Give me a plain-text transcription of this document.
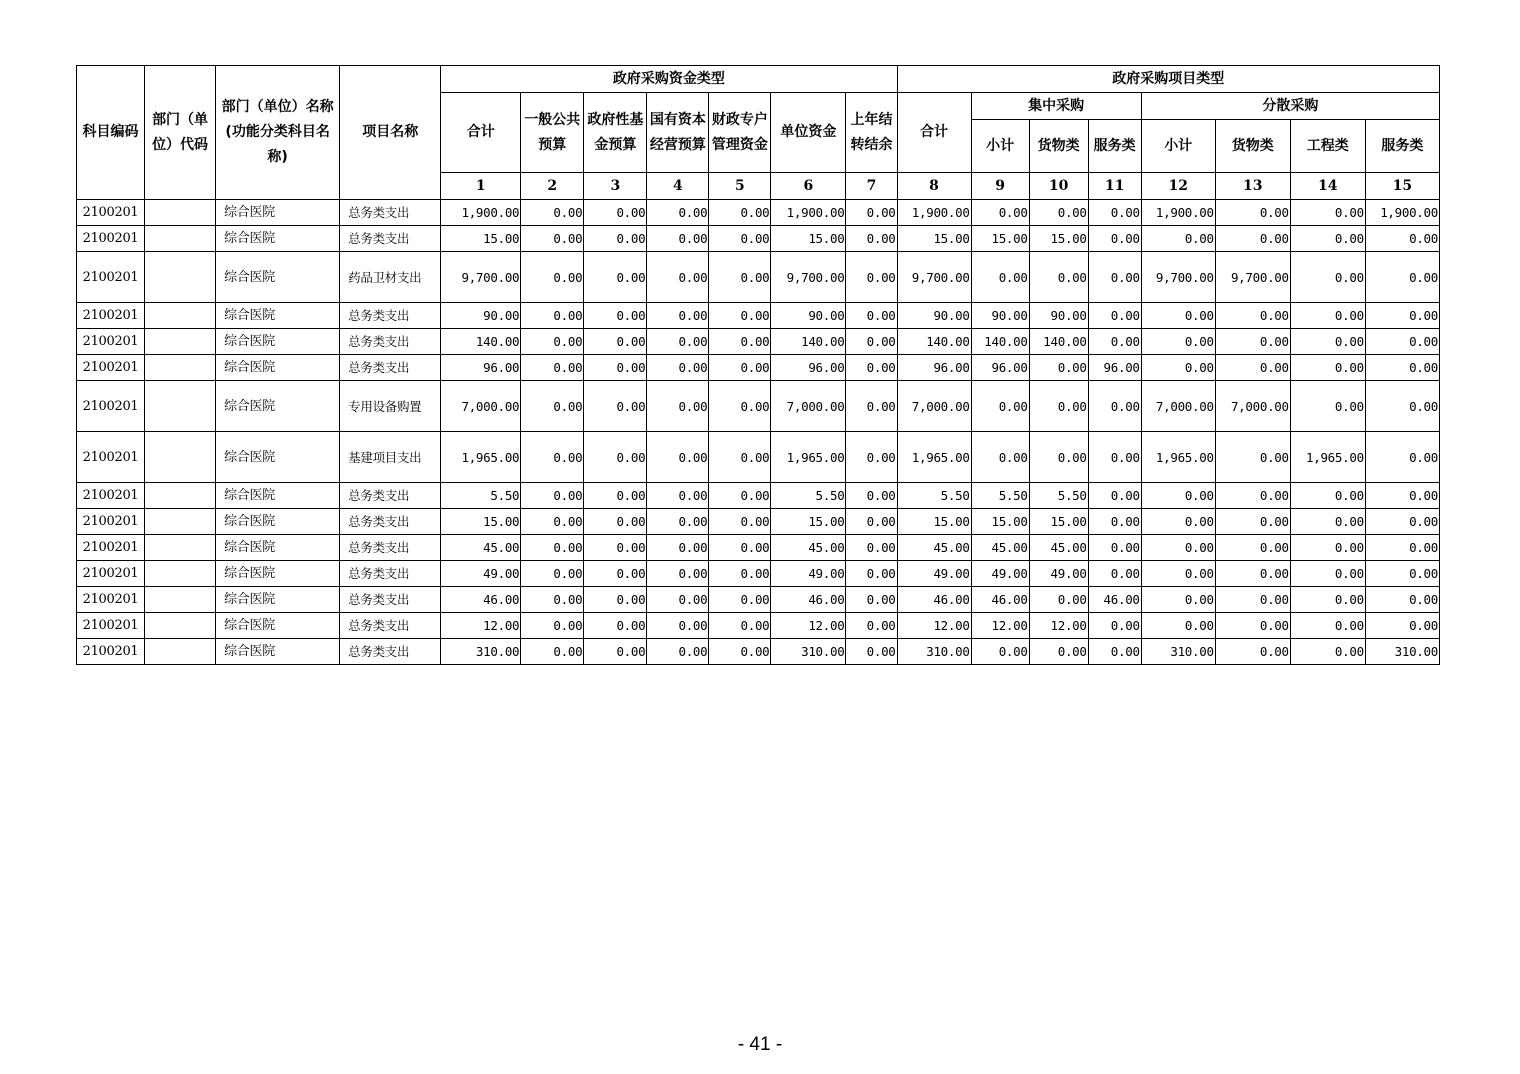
科目编码	部门（单位）代码	部门（单位）名称(功能分类科目名称)	项目名称	政府采购资金类型							政府采购项目类型							
				合计	一般公共预算	政府性基金预算	国有资本经营预算	财政专户管理资金	单位资金	上年结转结余	合计	集中采购			分散采购			
												小计	货物类	服务类	小计	货物类	工程类	服务类
				1	2	3	4	5	6	7	8	9	10	11	12	13	14	15
2100201		综合医院	总务类支出	1,900.00	0.00	0.00	0.00	0.00	1,900.00	0.00	1,900.00	0.00	0.00	0.00	1,900.00	0.00	0.00	1,900.00
2100201		综合医院	总务类支出	15.00	0.00	0.00	0.00	0.00	15.00	0.00	15.00	15.00	15.00	0.00	0.00	0.00	0.00	0.00
2100201		综合医院	药品卫材支出	9,700.00	0.00	0.00	0.00	0.00	9,700.00	0.00	9,700.00	0.00	0.00	0.00	9,700.00	9,700.00	0.00	0.00
2100201		综合医院	总务类支出	90.00	0.00	0.00	0.00	0.00	90.00	0.00	90.00	90.00	90.00	0.00	0.00	0.00	0.00	0.00
2100201		综合医院	总务类支出	140.00	0.00	0.00	0.00	0.00	140.00	0.00	140.00	140.00	140.00	0.00	0.00	0.00	0.00	0.00
2100201		综合医院	总务类支出	96.00	0.00	0.00	0.00	0.00	96.00	0.00	96.00	96.00	0.00	96.00	0.00	0.00	0.00	0.00
2100201		综合医院	专用设备购置	7,000.00	0.00	0.00	0.00	0.00	7,000.00	0.00	7,000.00	0.00	0.00	0.00	7,000.00	7,000.00	0.00	0.00
2100201		综合医院	基建项目支出	1,965.00	0.00	0.00	0.00	0.00	1,965.00	0.00	1,965.00	0.00	0.00	0.00	1,965.00	0.00	1,965.00	0.00
2100201		综合医院	总务类支出	5.50	0.00	0.00	0.00	0.00	5.50	0.00	5.50	5.50	5.50	0.00	0.00	0.00	0.00	0.00
2100201		综合医院	总务类支出	15.00	0.00	0.00	0.00	0.00	15.00	0.00	15.00	15.00	15.00	0.00	0.00	0.00	0.00	0.00
2100201		综合医院	总务类支出	45.00	0.00	0.00	0.00	0.00	45.00	0.00	45.00	45.00	45.00	0.00	0.00	0.00	0.00	0.00
2100201		综合医院	总务类支出	49.00	0.00	0.00	0.00	0.00	49.00	0.00	49.00	49.00	49.00	0.00	0.00	0.00	0.00	0.00
2100201		综合医院	总务类支出	46.00	0.00	0.00	0.00	0.00	46.00	0.00	46.00	46.00	0.00	46.00	0.00	0.00	0.00	0.00
2100201		综合医院	总务类支出	12.00	0.00	0.00	0.00	0.00	12.00	0.00	12.00	12.00	12.00	0.00	0.00	0.00	0.00	0.00
2100201		综合医院	总务类支出	310.00	0.00	0.00	0.00	0.00	310.00	0.00	310.00	0.00	0.00	0.00	310.00	0.00	0.00	310.00
- 41 -
